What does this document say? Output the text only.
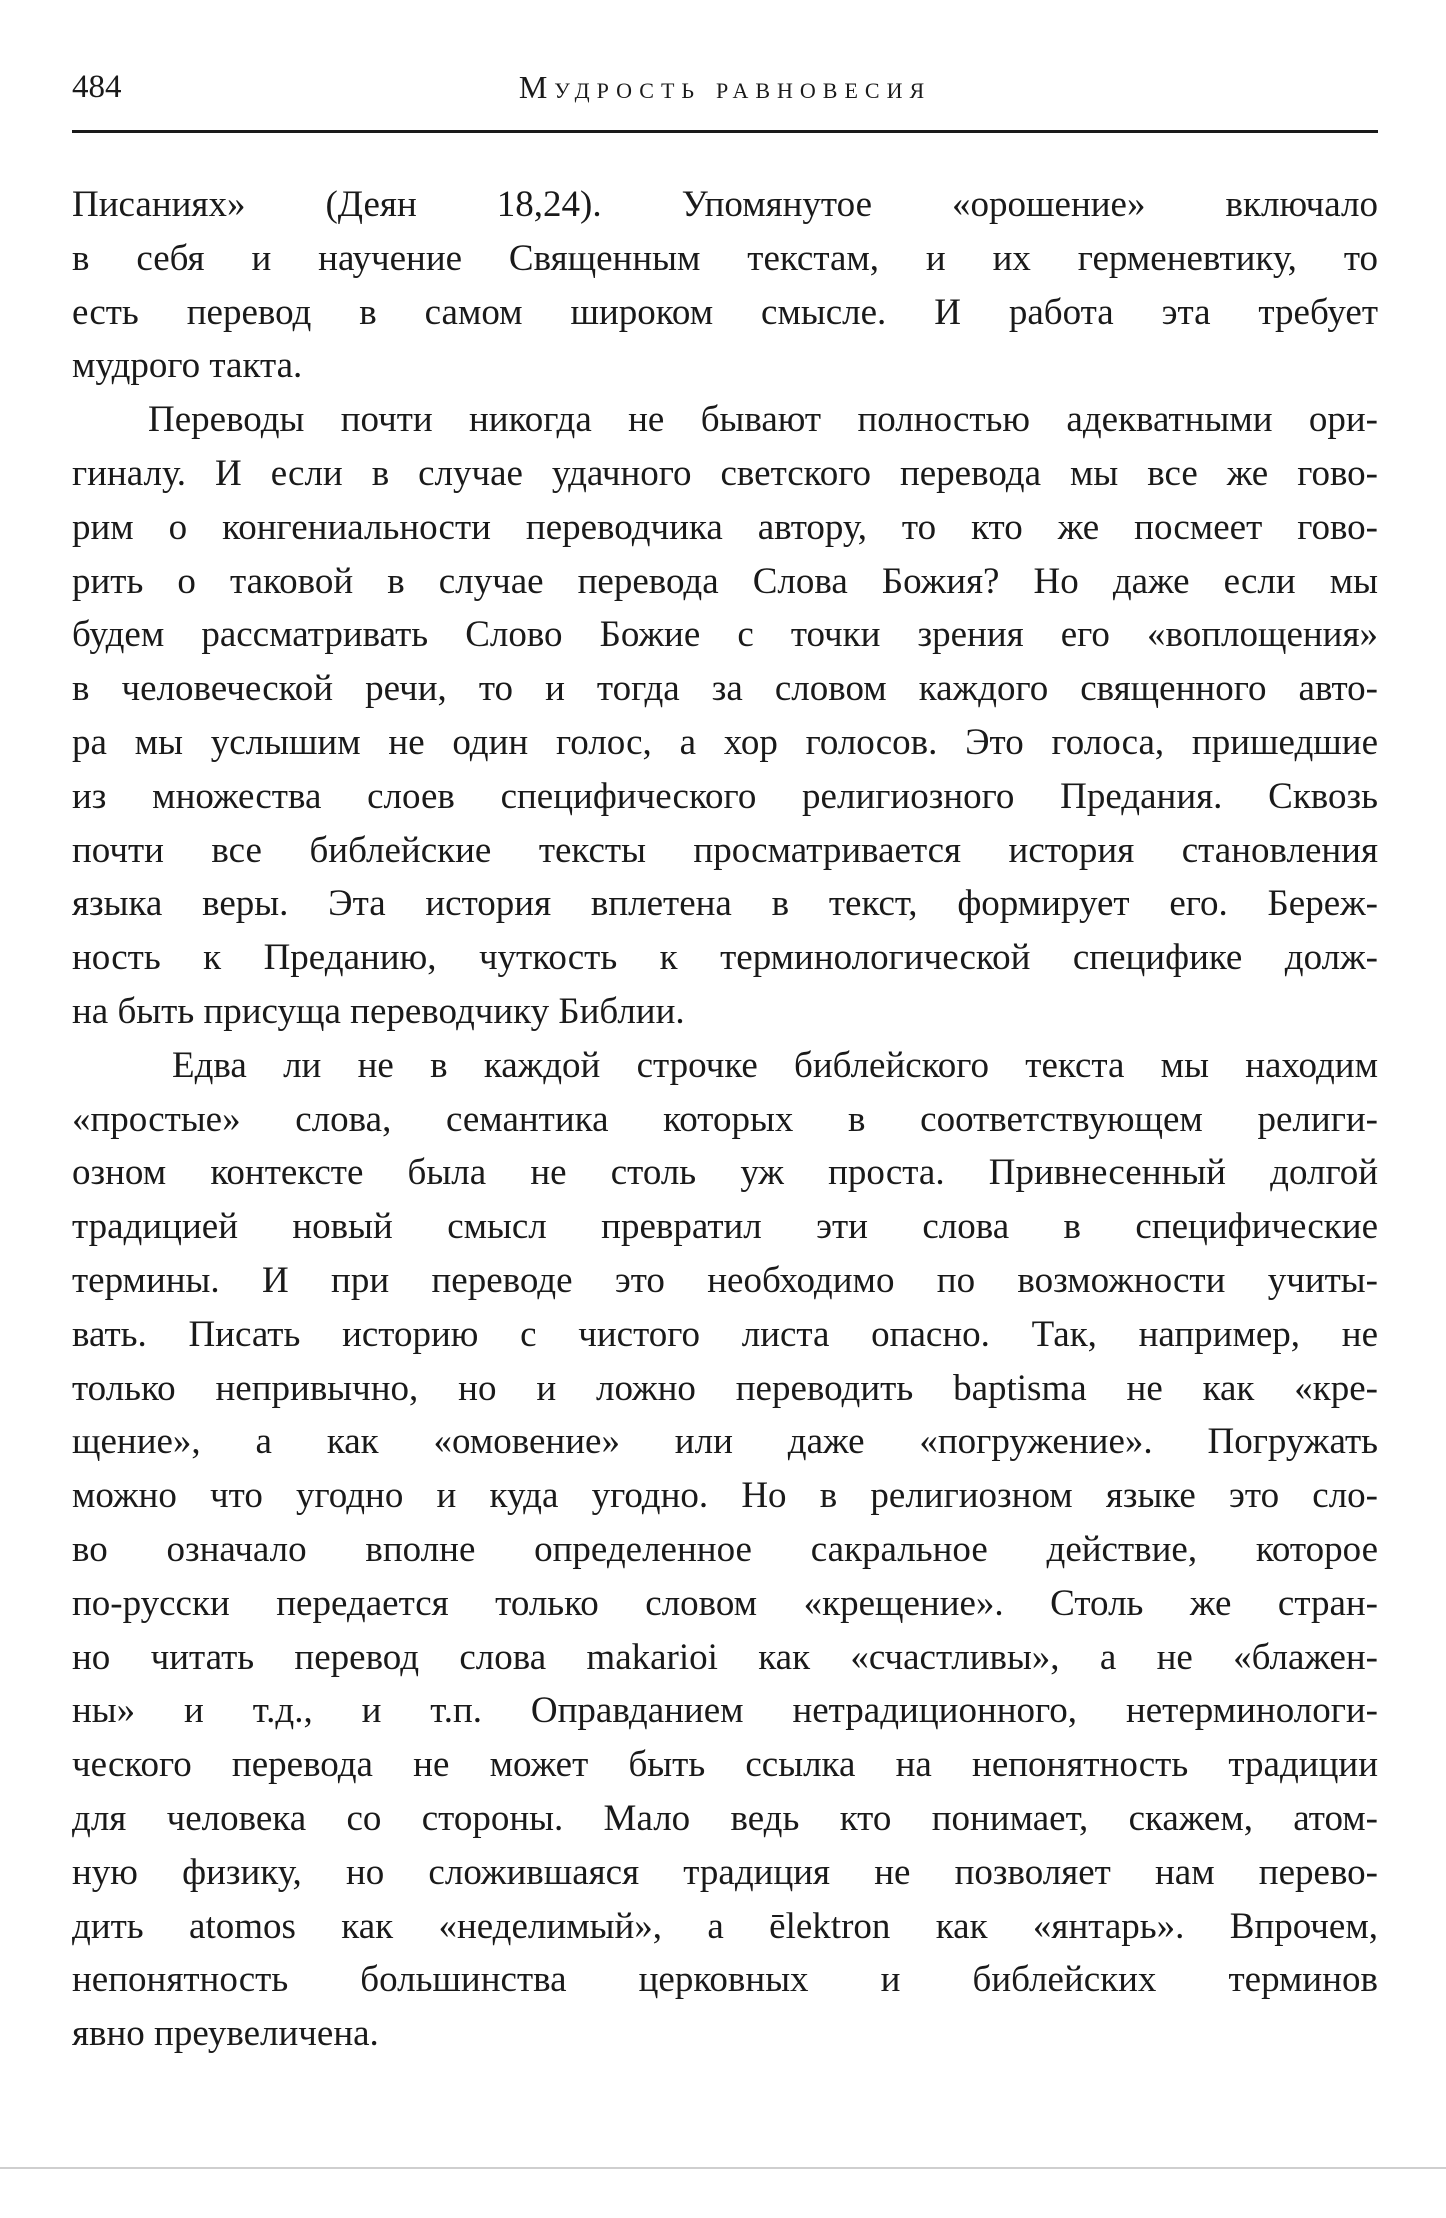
484	Мудрость равновесия
Писаниях» (Деян 18,24). Упомянутое «орошение» включало
в себя и научение Священным текстам, и их герменевтику, то
есть перевод в самом широком смысле. И работа эта требует
мудрого такта.
Переводы почти никогда не бывают полностью адекватными ори-
гиналу. И если в случае удачного светского перевода мы все же гово-
рим о конгениальности переводчика автору, то кто же посмеет гово-
рить о таковой в случае перевода Слова Божия? Но даже если мы
будем рассматривать Слово Божие с точки зрения его «воплощения»
в человеческой речи, то и тогда за словом каждого священного авто-
ра мы услышим не один голос, а хор голосов. Это голоса, пришедшие
из множества слоев специфического религиозного Предания. Сквозь
почти все библейские тексты просматривается история становления
языка веры. Эта история вплетена в текст, формирует его. Береж-
ность к Преданию, чуткость к терминологической специфике долж-
на быть присуща переводчику Библии.
Едва ли не в каждой строчке библейского текста мы находим
«простые» слова, семантика которых в соответствующем религи-
озном контексте была не столь уж проста. Привнесенный долгой
традицией новый смысл превратил эти слова в специфические
термины. И при переводе это необходимо по возможности учиты-
вать. Писать историю с чистого листа опасно. Так, например, не
только непривычно, но и ложно переводить baptisma не как «кре-
щение», а как «омовение» или даже «погружение». Погружать
можно что угодно и куда угодно. Но в религиозном языке это сло-
во означало вполне определенное сакральное действие, которое
по-русски передается только словом «крещение». Столь же стран-
но читать перевод слова makarioi как «счастливы», а не «блажен-
ны» и т.д., и т.п. Оправданием нетрадиционного, нетерминологи-
ческого перевода не может быть ссылка на непонятность традиции
для человека со стороны. Мало ведь кто понимает, скажем, атом-
ную физику, но сложившаяся традиция не позволяет нам перево-
дить atomos как «неделимый», а ēlektron как «янтарь». Впрочем,
непонятность большинства церковных и библейских терминов
явно преувеличена.
